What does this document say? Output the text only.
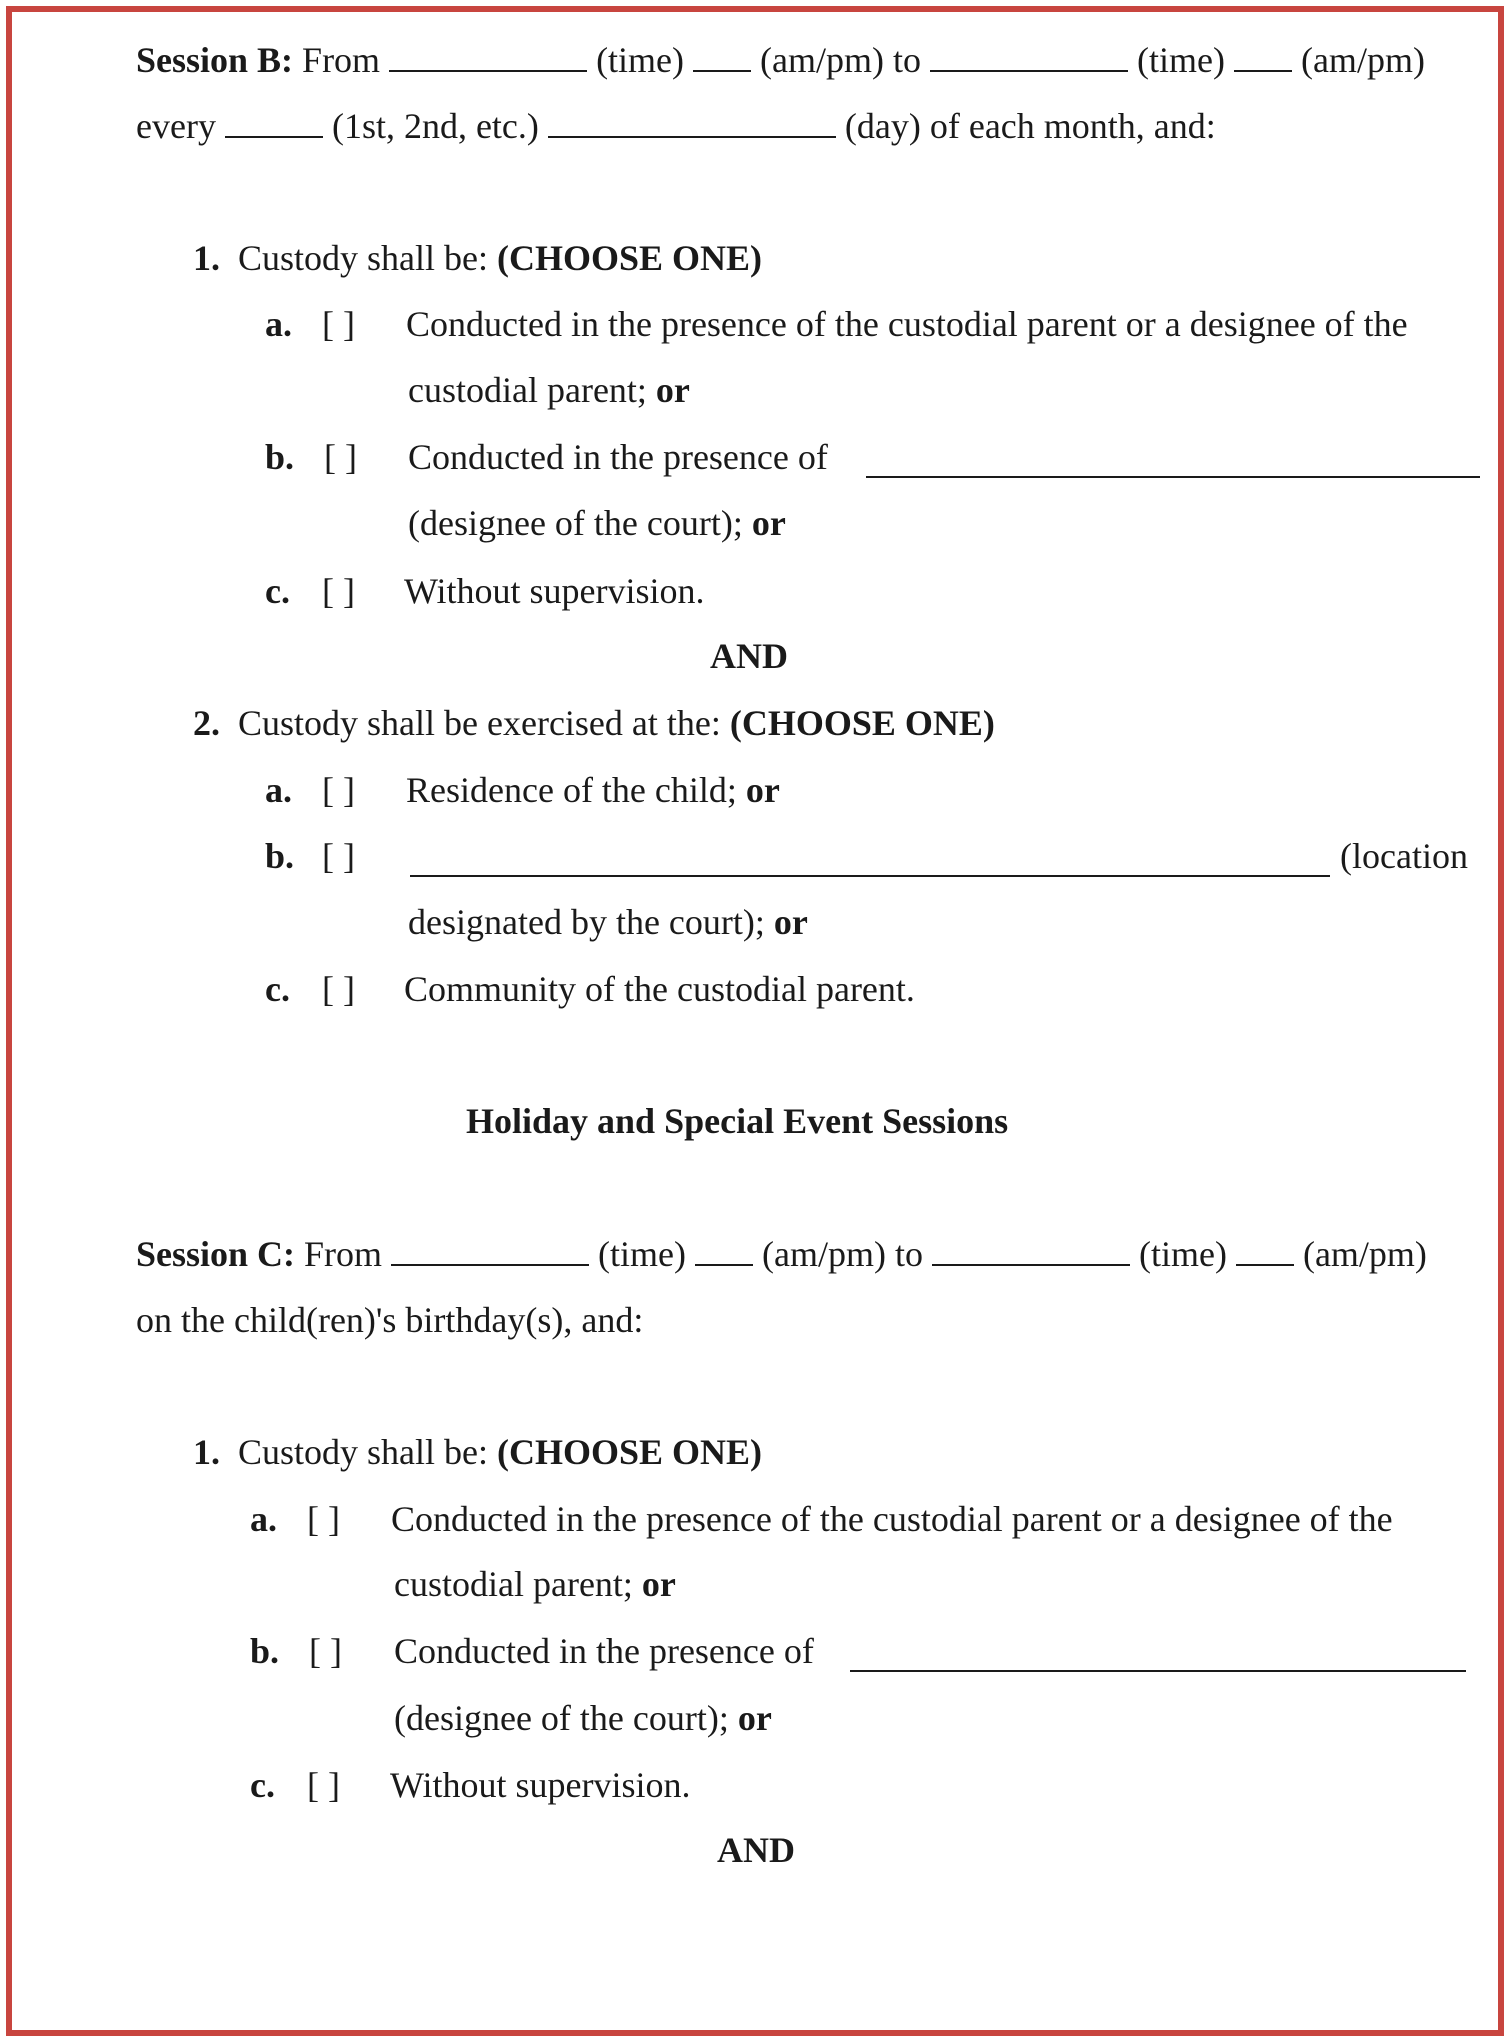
Session B: From	(time) (am/pm) to	(time) (am/pm)
every	(1st, 2nd, etc.)	(day) of each month, and:
1. Custody shall be: (CHOOSE ONE)
a. [ ] Conducted in the presence of the custodial parent or a designee of the
custodial parent; or
b. [ ] Conducted in the presence of
(designee of the court); or
c. [ ] Without supervision.
AND
2. Custody shall be exercised at the: (CHOOSE ONE)
a. [ ] Residence of the child; or
b. [ ]	(location
designated by the court); or
c. [ ] Community of the custodial parent.
Holiday and Special Event Sessions
Session C: From	(time) (am/pm) to	(time) (am/pm)
on the child(ren)'s birthday(s), and:
1. Custody shall be: (CHOOSE ONE)
a. [ ] Conducted in the presence of the custodial parent or a designee of the
custodial parent; or
b. [ ] Conducted in the presence of
(designee of the court); or
c. [ ] Without supervision.
AND
